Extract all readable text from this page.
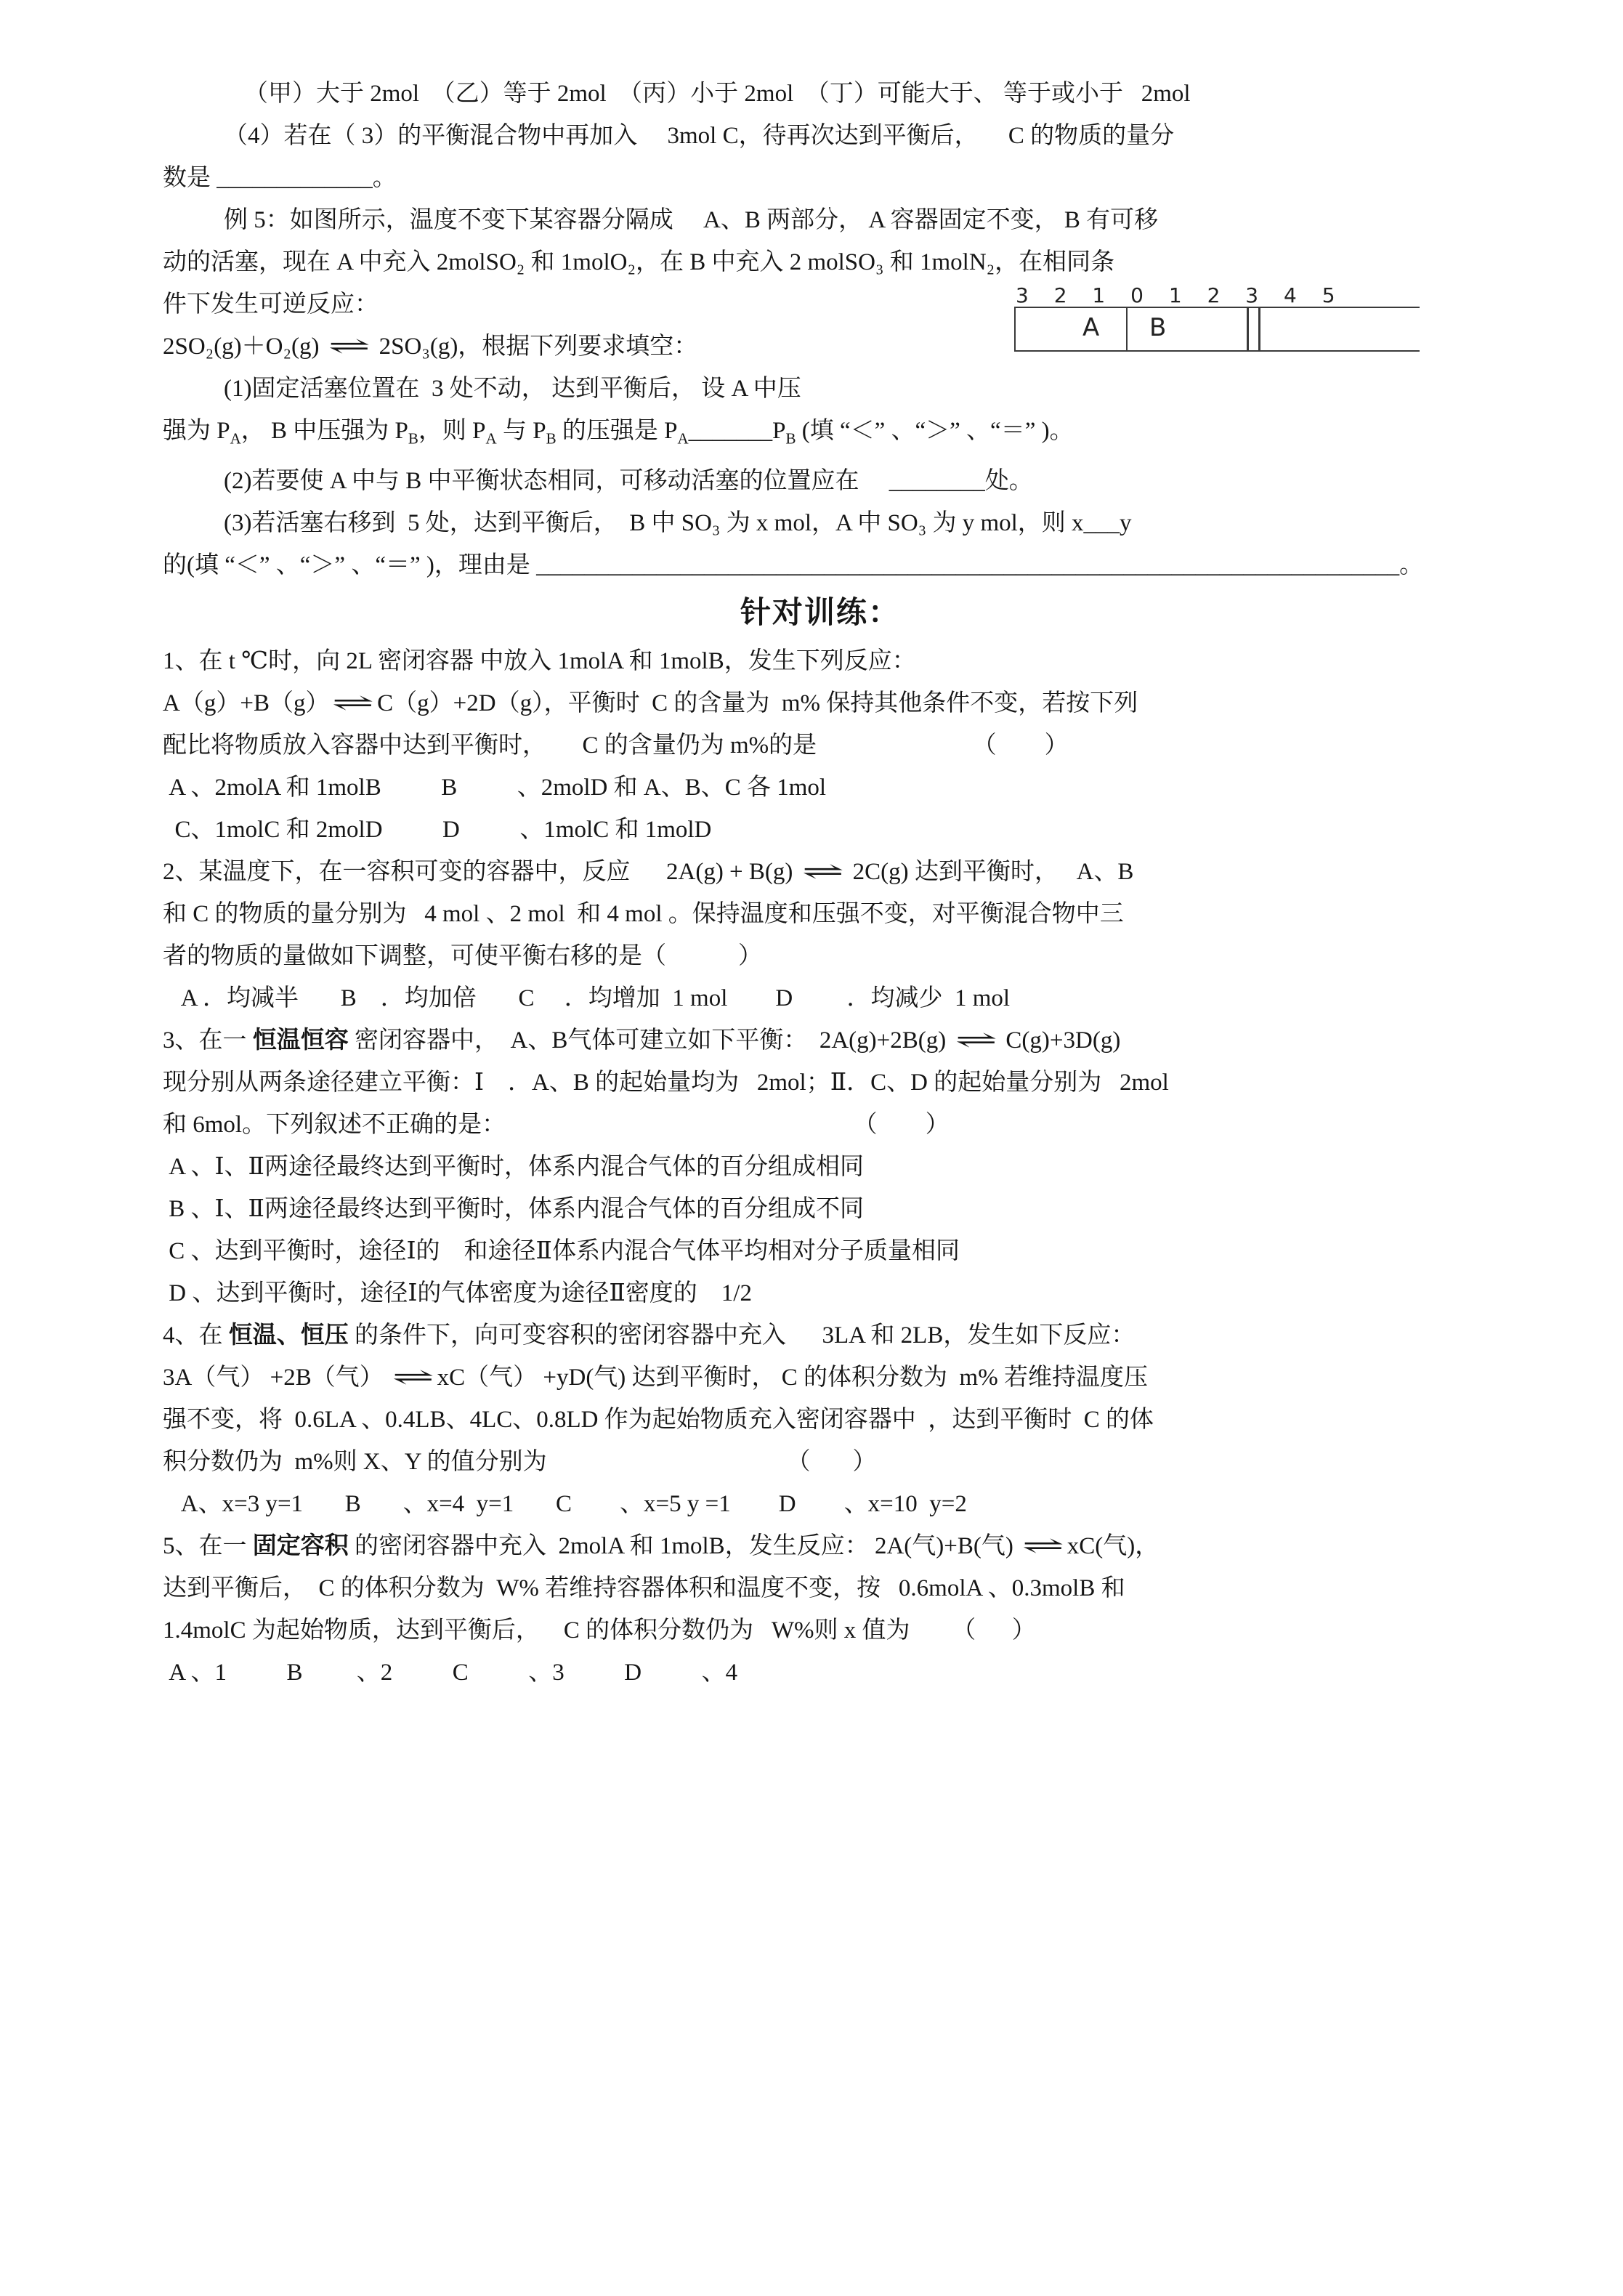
（甲）大于 2mol  （乙）等于 2mol  （丙）小于 2mol  （丁）可能大于、 等于或小于   2mol
（4）若在（ 3）的平衡混合物中再加入     3mol C，待再次达到平衡后，     C 的物质的量分
数是 _____________。
例 5：如图所示，温度不变下某容器分隔成     A、B 两部分， A 容器固定不变， B 有可移
动的活塞，现在 A 中充入 2molSO₂ 和 1molO₂，在 B 中充入 2 molSO₃ 和 1molN₂，在相同条
件下发生可逆反应：
2SO₂(g)＋O₂(g) ⇌ 2SO₃(g)，根据下列要求填空：
(1)固定活塞位置在  3 处不动， 达到平衡后， 设 A 中压
强为 $P_A$， B 中压强为 $P_B$，则 $P_A$ 与 $P_B$ 的压强是 $P_A\_\_\_\_\_\_\_P_B$ (填 “＜” 、“＞” 、“＝” )。
(2)若要使 A 中与 B 中平衡状态相同，可移动活塞的位置应在     ________处。
(3)若活塞右移到  5 处，达到平衡后，  B 中 SO₃ 为 x mol，A 中 SO₃ 为 y mol，则 x___y
的(填 “＜” 、“＞” 、“＝” )，理由是 ________________________________________________________________________。
针对训练：
1、在 t ℃时，向 2L 密闭容器 中放入 1molA 和 1molB，发生下列反应：
A（g）+B（g） ⇌ C（g）+2D（g），平衡时  C 的含量为  m% 保持其他条件不变，若按下列
配比将物质放入容器中达到平衡时，      C 的含量仍为 m%的是                          （        ）
A 、2molA 和 1molB          B          、2molD 和 A、B、C 各 1mol
C、1molC 和 2molD          D          、1molC 和 1molD
2、某温度下，在一容积可变的容器中，反应      2A(g) + B(g) ⇌ 2C(g) 达到平衡时，   A、B
和 C 的物质的量分别为   4 mol 、2 mol  和 4 mol 。保持温度和压强不变，对平衡混合物中三
者的物质的量做如下调整，可使平衡右移的是（            ）
A ．均减半       B    ．均加倍       C     ．均增加  1 mol        D         ．均减少  1 mol
3、在一 恒温恒容 密闭容器中，  A、B气体可建立如下平衡：  2A(g)+2B(g) ⇌ C(g)+3D(g)
现分别从两条途径建立平衡：Ⅰ    ．A、B 的起始量均为   2mol；Ⅱ．C、D 的起始量分别为   2mol
和 6mol。下列叙述不正确的是：                                                          （        ）
A 、Ⅰ、Ⅱ两途径最终达到平衡时，体系内混合气体的百分组成相同
B 、Ⅰ、Ⅱ两途径最终达到平衡时，体系内混合气体的百分组成不同
C 、达到平衡时，途径Ⅰ的    和途径Ⅱ体系内混合气体平均相对分子质量相同
D 、达到平衡时，途径Ⅰ的气体密度为途径Ⅱ密度的    1/2
4、在 恒温、恒压 的条件下，向可变容积的密闭容器中充入      3LA 和 2LB，发生如下反应：
3A（气） +2B（气） ⇌ xC（气） +yD(气) 达到平衡时， C 的体积分数为  m% 若维持温度压
强不变，将  0.6LA 、0.4LB、4LC、0.8LD 作为起始物质充入密闭容器中  ，达到平衡时  C 的体
积分数仍为  m%则 X、Y 的值分别为                                        （       ）
A、x=3 y=1       B       、x=4  y=1       C        、x=5 y =1        D        、x=10  y=2
5、在一 固定容积 的密闭容器中充入  2molA 和 1molB，发生反应： 2A(气)+B(气) ⇌ xC(气)，
达到平衡后，  C 的体积分数为  W% 若维持容器体积和温度不变，按   0.6molA 、0.3molB 和
1.4molC 为起始物质，达到平衡后，    C 的体积分数仍为   W%则 x 值为       （      ）
A 、1          B         、2          C          、3          D          、4
3 2 1 0 1 2 3 4 5
A B
